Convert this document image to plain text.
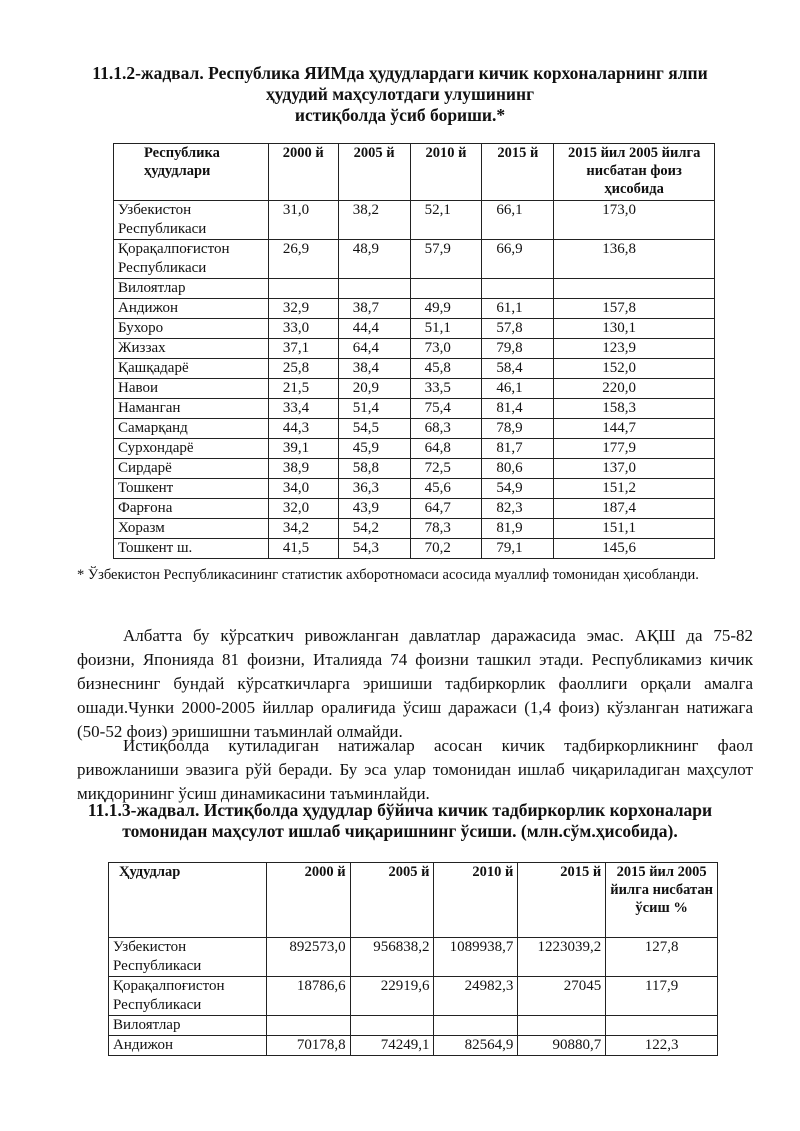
11.1.2-жадвал. Республика ЯИМда ҳудудлардаги кичик корхоналарнинг ялпи
ҳудудий маҳсулотдаги улушининг
истиқболда ўсиб бориши.*
Республика ҳудудлари	2000 й	2005 й	2010 й	2015 й	2015 йил 2005 йилга нисбатан фоиз ҳисобида
Узбекистон Республикаси	31,0	38,2	52,1	66,1	173,0
Қорақалпоғистон Республикаси	26,9	48,9	57,9	66,9	136,8
Вилоятлар					
Андижон	32,9	38,7	49,9	61,1	157,8
Бухоро	33,0	44,4	51,1	57,8	130,1
Жиззах	37,1	64,4	73,0	79,8	123,9
Қашқадарё	25,8	38,4	45,8	58,4	152,0
Навои	21,5	20,9	33,5	46,1	220,0
Наманган	33,4	51,4	75,4	81,4	158,3
Самарқанд	44,3	54,5	68,3	78,9	144,7
Сурхондарё	39,1	45,9	64,8	81,7	177,9
Сирдарё	38,9	58,8	72,5	80,6	137,0
Тошкент	34,0	36,3	45,6	54,9	151,2
Фарғона	32,0	43,9	64,7	82,3	187,4
Хоразм	34,2	54,2	78,3	81,9	151,1
Тошкент ш.	41,5	54,3	70,2	79,1	145,6
* Ўзбекистон Республикасининг статистик ахборотномаси асосида муаллиф томонидан ҳисобланди.
Албатта бу кўрсаткич ривожланган давлатлар даражасида эмас. АҚШ да 75-82 фоизни, Японияда 81 фоизни, Италияда 74 фоизни ташкил этади. Республикамиз кичик бизнеснинг бундай кўрсаткичларга эришиши тадбиркорлик фаоллиги орқали амалга ошади.Чунки 2000-2005 йиллар оралиғида ўсиш даражаси (1,4 фоиз) кўзланган натижага (50-52 фоиз) эришишни таъминлай олмайди.
Истиқболда кутиладиган натижалар асосан кичик тадбиркорликнинг фаол ривожланиши эвазига рўй беради. Бу эса улар томонидан ишлаб чиқариладиган маҳсулот миқдорининг ўсиш динамикасини таъминлайди.
11.1.3-жадвал. Истиқболда ҳудудлар бўйича кичик тадбиркорлик корхоналари
томонидан маҳсулот ишлаб чиқаришнинг ўсиши. (млн.сўм.ҳисобида).
Ҳудудлар	2000 й	2005 й	2010 й	2015 й	2015 йил 2005 йилга нисбатан ўсиш %
Узбекистон Республикаси	892573,0	956838,2	1089938,7	1223039,2	127,8
Қорақалпоғистон Республикаси	18786,6	22919,6	24982,3	27045	117,9
Вилоятлар					
Андижон	70178,8	74249,1	82564,9	90880,7	122,3
